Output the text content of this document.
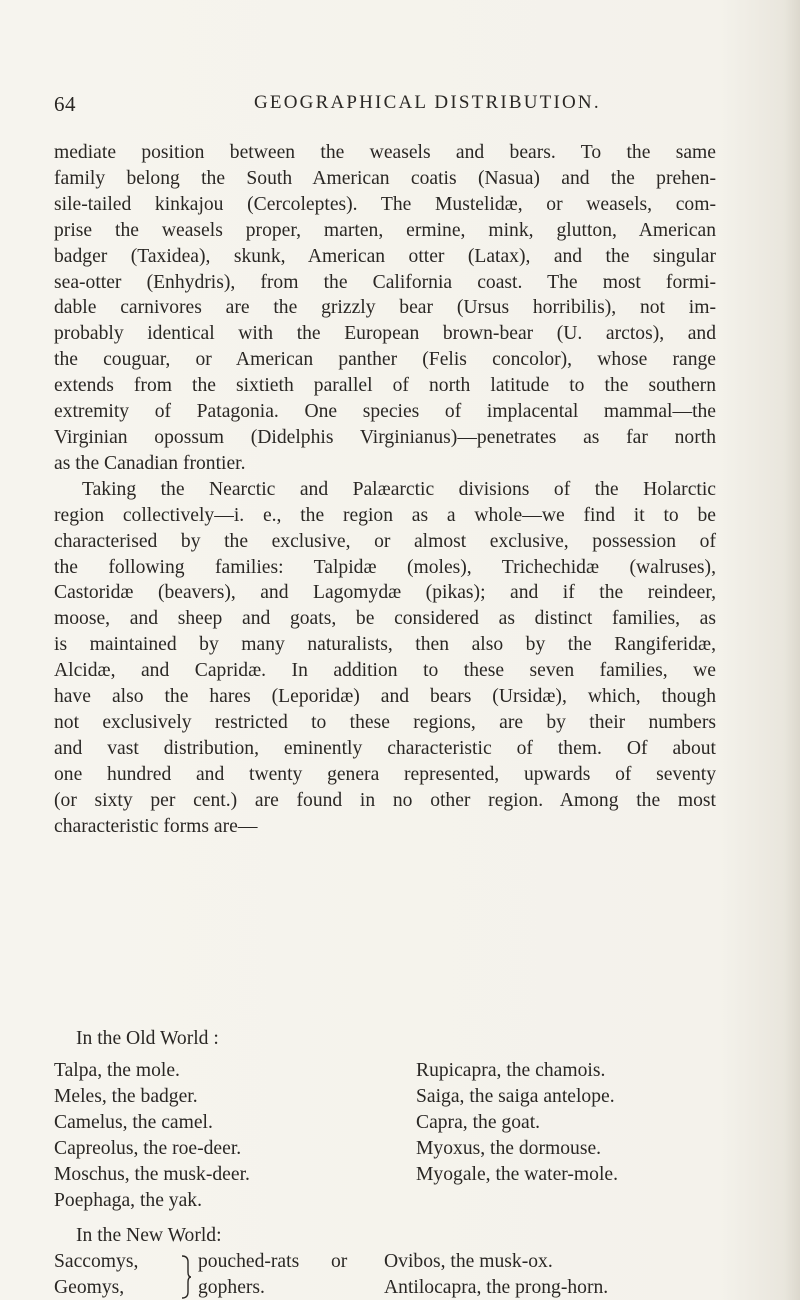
64	GEOGRAPHICAL DISTRIBUTION.
mediate position between the weasels and bears. To the same
family belong the South American coatis (Nasua) and the prehen-
sile-tailed kinkajou (Cercoleptes). The Mustelidæ, or weasels, com-
prise the weasels proper, marten, ermine, mink, glutton, American
badger (Taxidea), skunk, American otter (Latax), and the singular
sea-otter (Enhydris), from the California coast. The most formi-
dable carnivores are the grizzly bear (Ursus horribilis), not im-
probably identical with the European brown-bear (U. arctos), and
the couguar, or American panther (Felis concolor), whose range
extends from the sixtieth parallel of north latitude to the southern
extremity of Patagonia. One species of implacental mammal—the
Virginian opossum (Didelphis Virginianus)—penetrates as far north
as the Canadian frontier.
Taking the Nearctic and Palæarctic divisions of the Holarctic
region collectively—i. e., the region as a whole—we find it to be
characterised by the exclusive, or almost exclusive, possession of
the following families: Talpidæ (moles), Trichechidæ (walruses),
Castoridæ (beavers), and Lagomydæ (pikas); and if the reindeer,
moose, and sheep and goats, be considered as distinct families, as
is maintained by many naturalists, then also by the Rangiferidæ,
Alcidæ, and Capridæ. In addition to these seven families, we
have also the hares (Leporidæ) and bears (Ursidæ), which, though
not exclusively restricted to these regions, are by their numbers
and vast distribution, eminently characteristic of them. Of about
one hundred and twenty genera represented, upwards of seventy
(or sixty per cent.) are found in no other region. Among the most
characteristic forms are—
In the Old World :
Talpa, the mole.
Meles, the badger.
Camelus, the camel.
Capreolus, the roe-deer.
Moschus, the musk-deer.
Poephaga, the yak.
Rupicapra, the chamois.
Saiga, the saiga antelope.
Capra, the goat.
Myoxus, the dormouse.
Myogale, the water-mole.
In the New World:
Saccomys,
Geomys,
pouched-rats or
gophers.
Ovibos, the musk-ox.
Antilocapra, the prong-horn.
